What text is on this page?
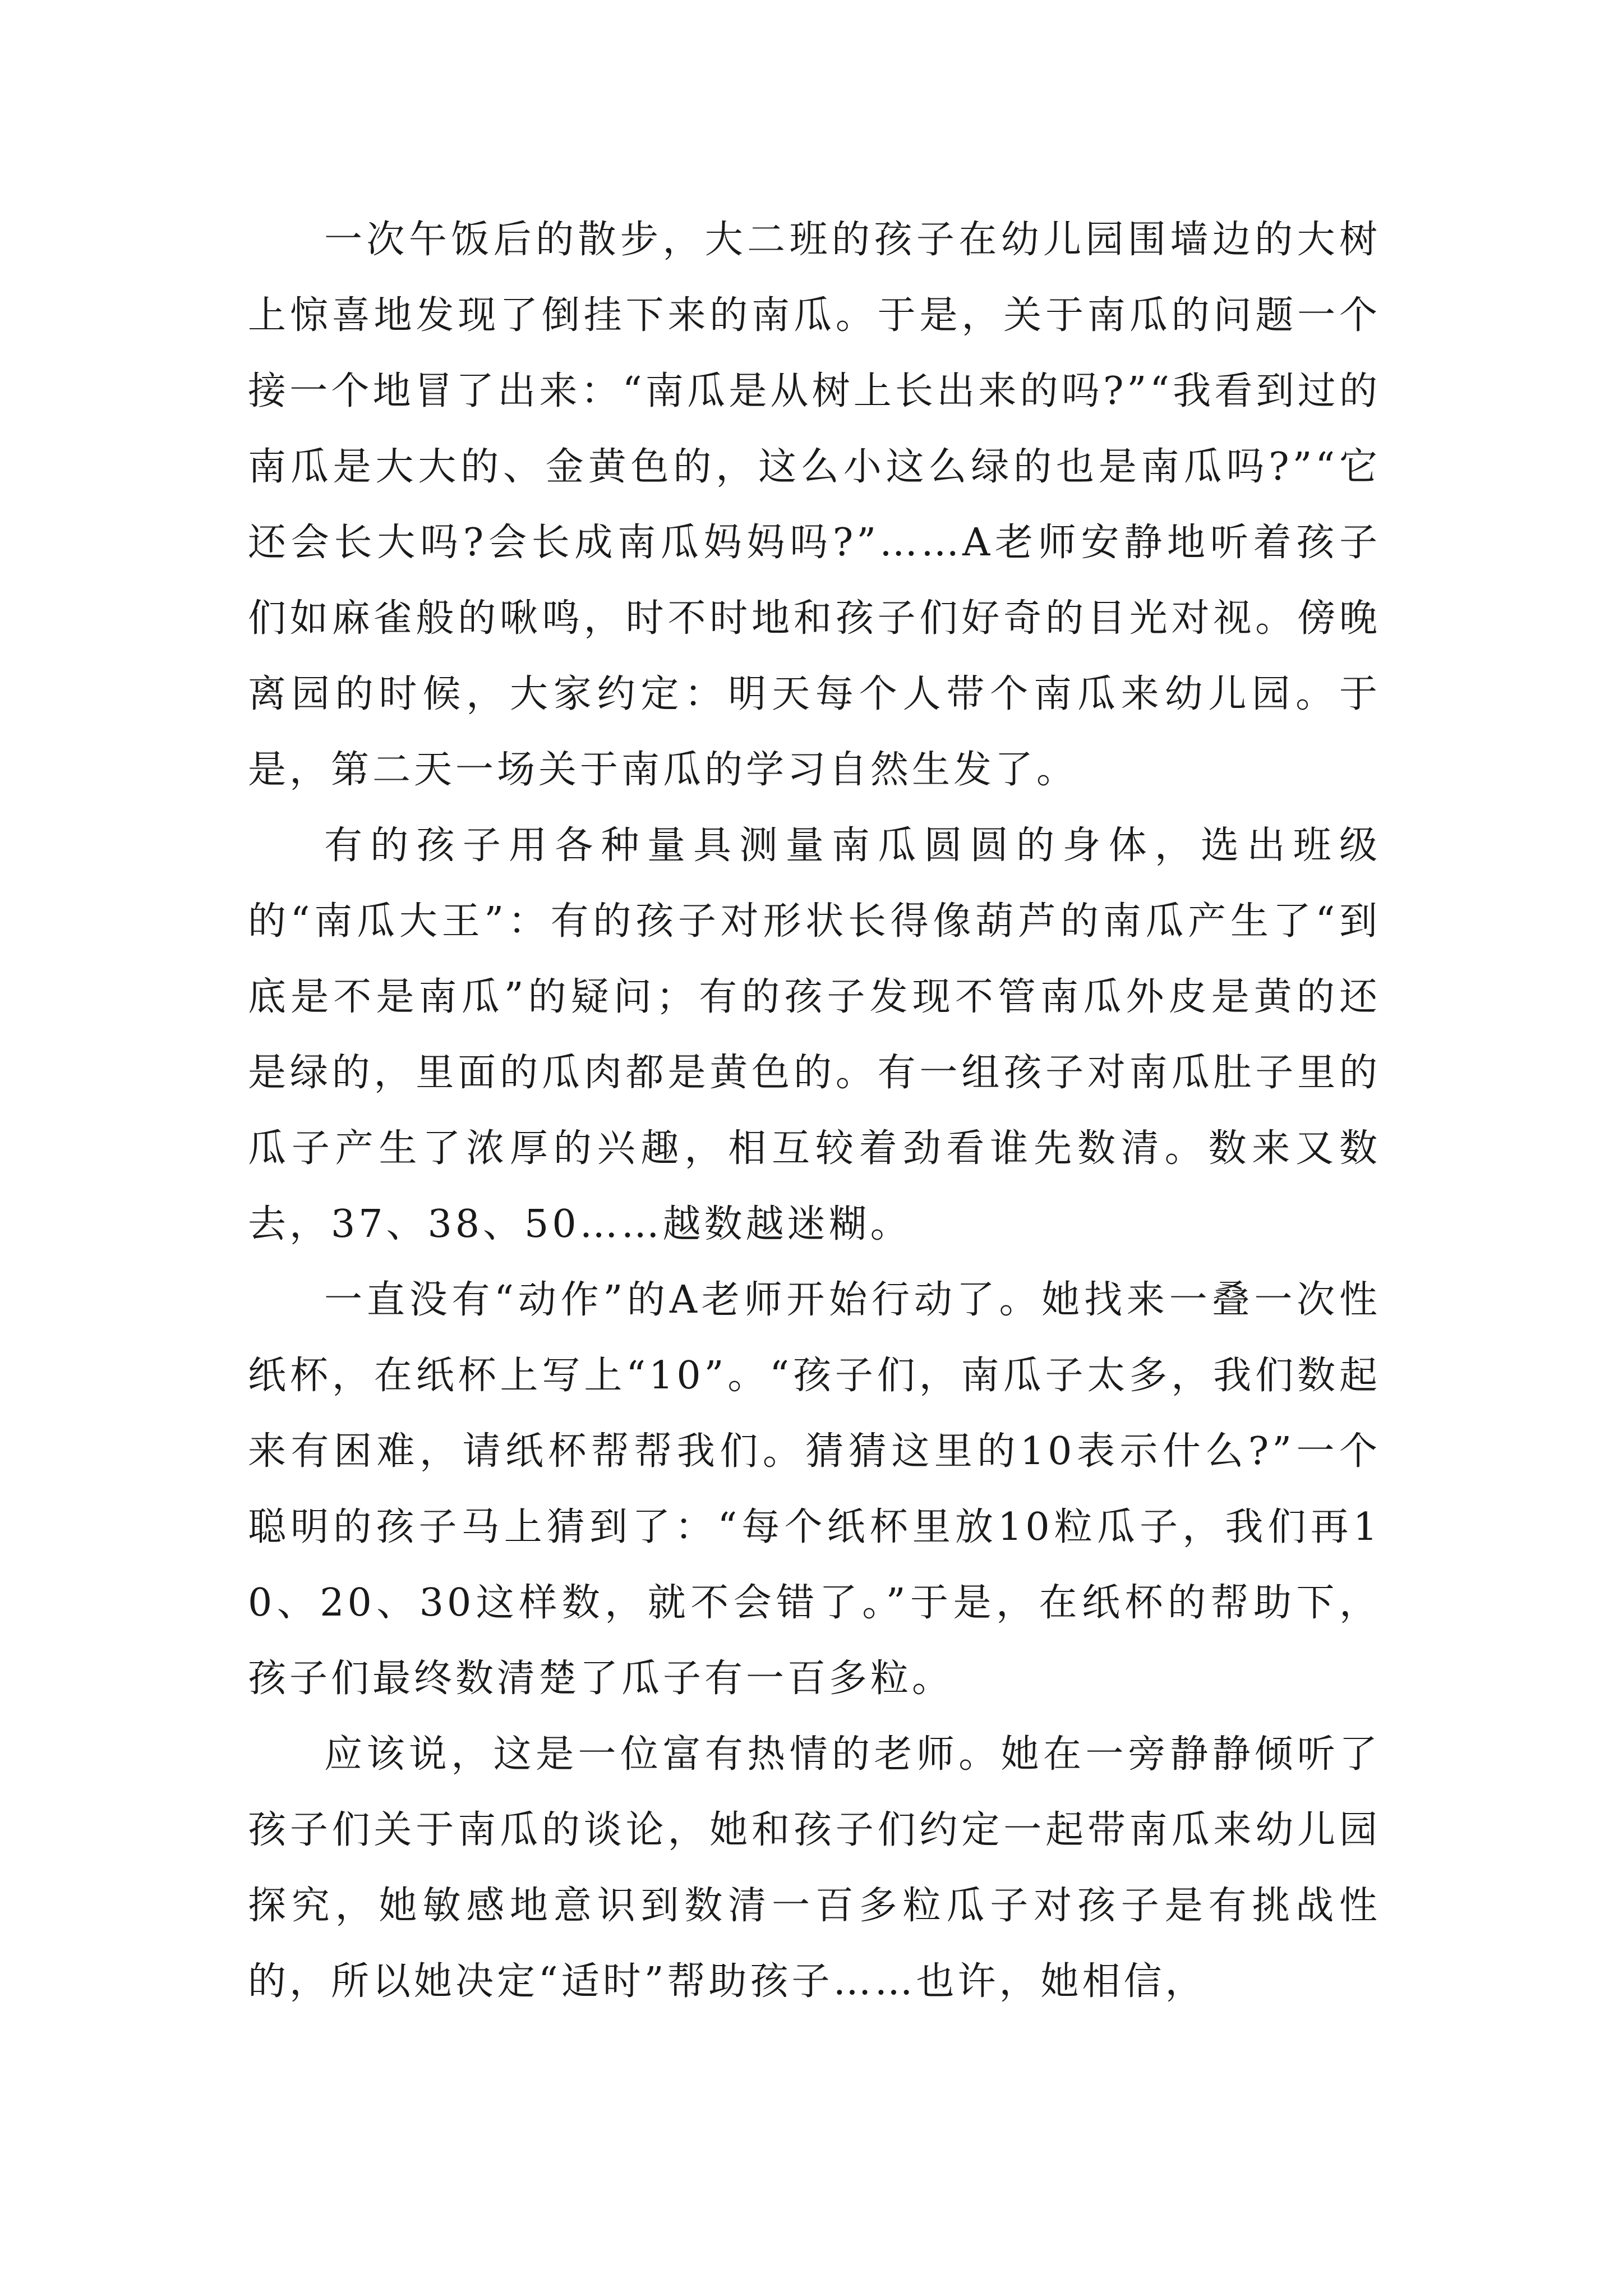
一次午饭后的散步，大二班的孩子在幼儿园围墙边的大树上惊喜地发现了倒挂下来的南瓜。于是，关于南瓜的问题一个接一个地冒了出来：“南瓜是从树上长出来的吗?”“我看到过的南瓜是大大的、金黄色的，这么小这么绿的也是南瓜吗?”“它还会长大吗?会长成南瓜妈妈吗?”……A老师安静地听着孩子们如麻雀般的啾鸣，时不时地和孩子们好奇的目光对视。傍晚离园的时候，大家约定：明天每个人带个南瓜来幼儿园。于是，第二天一场关于南瓜的学习自然生发了。

有的孩子用各种量具测量南瓜圆圆的身体，选出班级的“南瓜大王”：有的孩子对形状长得像葫芦的南瓜产生了“到底是不是南瓜”的疑问；有的孩子发现不管南瓜外皮是黄的还是绿的，里面的瓜肉都是黄色的。有一组孩子对南瓜肚子里的瓜子产生了浓厚的兴趣，相互较着劲看谁先数清。数来又数去，37、38、50……越数越迷糊。

一直没有“动作”的A老师开始行动了。她找来一叠一次性纸杯，在纸杯上写上“10”。“孩子们，南瓜子太多，我们数起来有困难，请纸杯帮帮我们。猜猜这里的10表示什么?”一个聪明的孩子马上猜到了：“每个纸杯里放10粒瓜子，我们再10、20、30这样数，就不会错了。”于是，在纸杯的帮助下，孩子们最终数清楚了瓜子有一百多粒。

应该说，这是一位富有热情的老师。她在一旁静静倾听了孩子们关于南瓜的谈论，她和孩子们约定一起带南瓜来幼儿园探究，她敏感地意识到数清一百多粒瓜子对孩子是有挑战性的，所以她决定“适时”帮助孩子……也许，她相信，
